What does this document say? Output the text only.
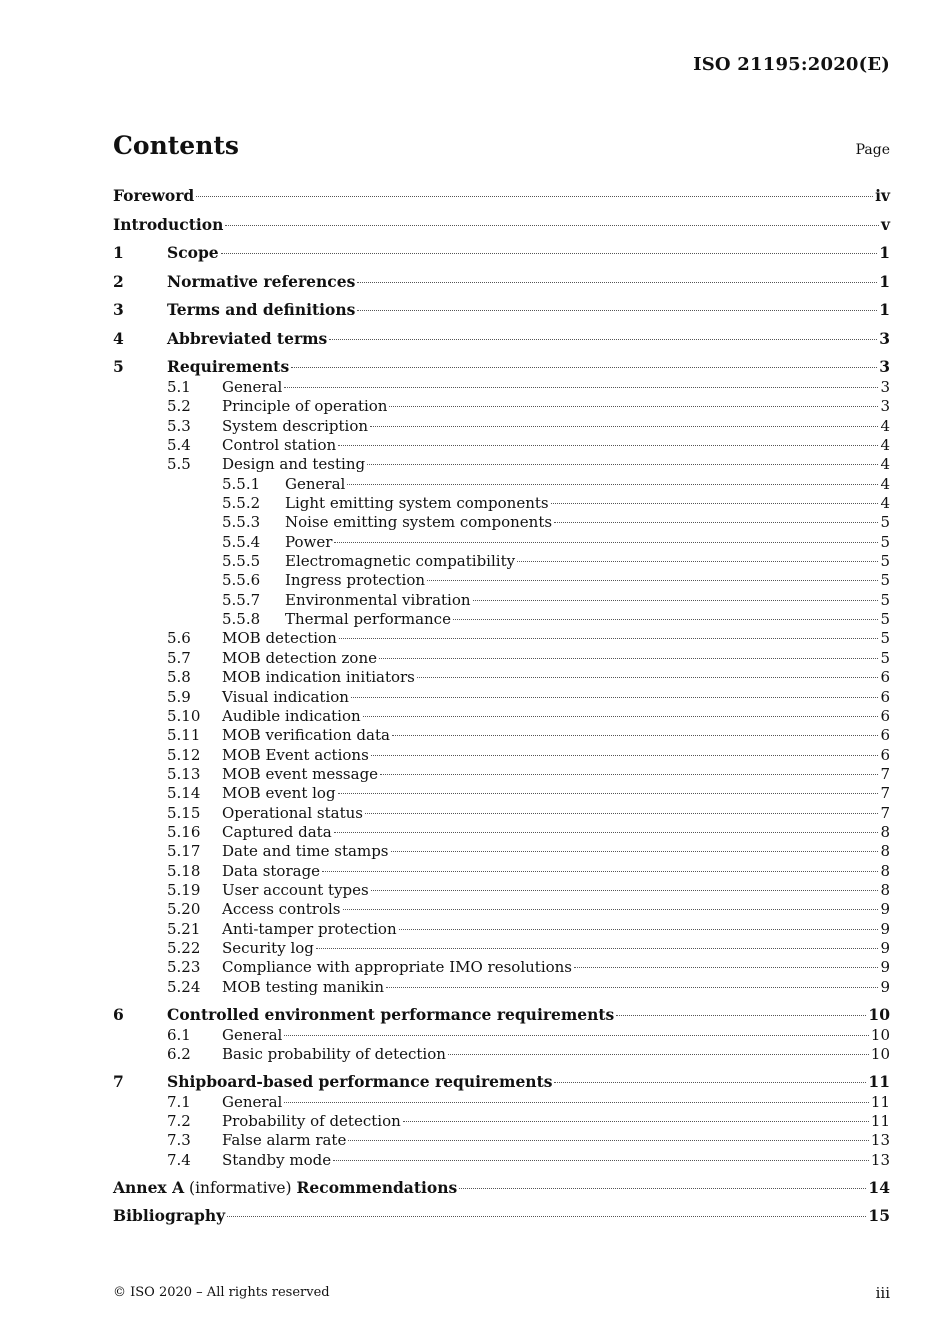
ISO 21195:2020(E)
Contents	Page
Foreword	iv
Introduction	v
1	Scope	1
2	Normative references	1
3	Terms and definitions	1
4	Abbreviated terms	3
5	Requirements	3
5.1	General	3
5.2	Principle of operation	3
5.3	System description	4
5.4	Control station	4
5.5	Design and testing	4
5.5.1	General	4
5.5.2	Light emitting system components	4
5.5.3	Noise emitting system components	5
5.5.4	Power	5
5.5.5	Electromagnetic compatibility	5
5.5.6	Ingress protection	5
5.5.7	Environmental vibration	5
5.5.8	Thermal performance	5
5.6	MOB detection	5
5.7	MOB detection zone	5
5.8	MOB indication initiators	6
5.9	Visual indication	6
5.10	Audible indication	6
5.11	MOB verification data	6
5.12	MOB Event actions	6
5.13	MOB event message	7
5.14	MOB event log	7
5.15	Operational status	7
5.16	Captured data	8
5.17	Date and time stamps	8
5.18	Data storage	8
5.19	User account types	8
5.20	Access controls	9
5.21	Anti-tamper protection	9
5.22	Security log	9
5.23	Compliance with appropriate IMO resolutions	9
5.24	MOB testing manikin	9
6	Controlled environment performance requirements	10
6.1	General	10
6.2	Basic probability of detection	10
7	Shipboard-based performance requirements	11
7.1	General	11
7.2	Probability of detection	11
7.3	False alarm rate	13
7.4	Standby mode	13
Annex A (informative) Recommendations	14
Bibliography	15
© ISO 2020 – All rights reserved	iii
